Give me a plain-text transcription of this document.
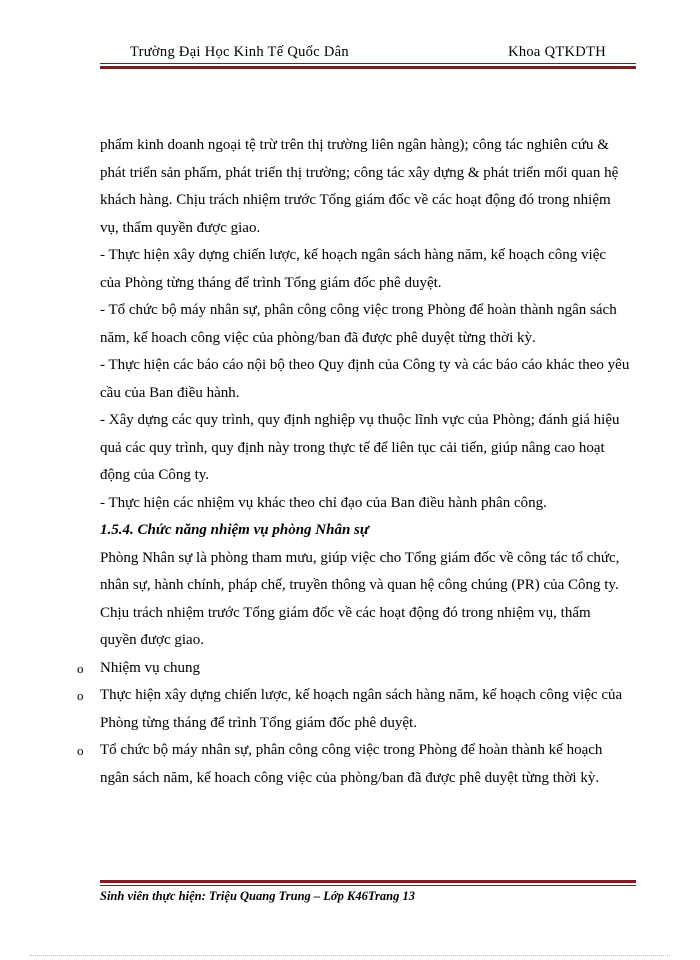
Trường Đại Học Kinh Tế Quốc Dân	Khoa QTKDTH

phẩm kinh doanh ngoại tệ trừ trên thị trường liên ngân hàng); công tác nghiên cứu & phát triển sản phẩm, phát triển thị trường; công tác xây dựng & phát triển mối quan hệ khách hàng. Chịu trách nhiệm trước Tổng giám đốc về các hoạt động đó trong nhiệm vụ, thẩm quyền được giao.

- Thực hiện xây dựng chiến lược, kế hoạch ngân sách hàng năm, kế hoạch công việc của Phòng từng tháng để trình Tổng giám đốc phê duyệt.

- Tổ chức bộ máy nhân sự, phân công công việc trong Phòng để hoàn thành ngân sách năm, kế hoach công việc của phòng/ban đã được phê duyệt từng thời kỳ.

- Thực hiện các báo cáo nội bộ theo Quy định của Công ty và các báo cáo khác theo yêu cầu của Ban điều hành.

- Xây dựng các quy trình, quy định nghiệp vụ thuộc lĩnh vực của Phòng; đánh giá hiệu quả các quy trình, quy định này trong thực tế để liên tục cải tiến, giúp nâng cao hoạt động của Công ty.

- Thực hiện các nhiệm vụ khác theo chỉ đạo của Ban điều hành phân công.

1.5.4. Chức năng nhiệm vụ phòng Nhân sự

Phòng Nhân sự là phòng tham mưu, giúp việc cho Tổng giám đốc về công tác tổ chức, nhân sự, hành chính, pháp chế, truyền thông và quan hệ công chúng (PR) của Công ty. Chịu trách nhiệm trước Tổng giám đốc về các hoạt động đó trong nhiệm vụ, thẩm quyền được giao.

o Nhiệm vụ chung

o Thực hiện xây dựng chiến lược, kế hoạch ngân sách hàng năm, kế hoạch công việc của Phòng từng tháng để trình Tổng giám đốc phê duyệt.

o Tổ chức bộ máy nhân sự, phân công công việc trong Phòng để hoàn thành kế hoạch ngân sách năm, kế hoach công việc của phòng/ban đã được phê duyệt từng thời kỳ.

Sinh viên thực hiện: Triệu Quang Trung – Lớp K46Trang 13
